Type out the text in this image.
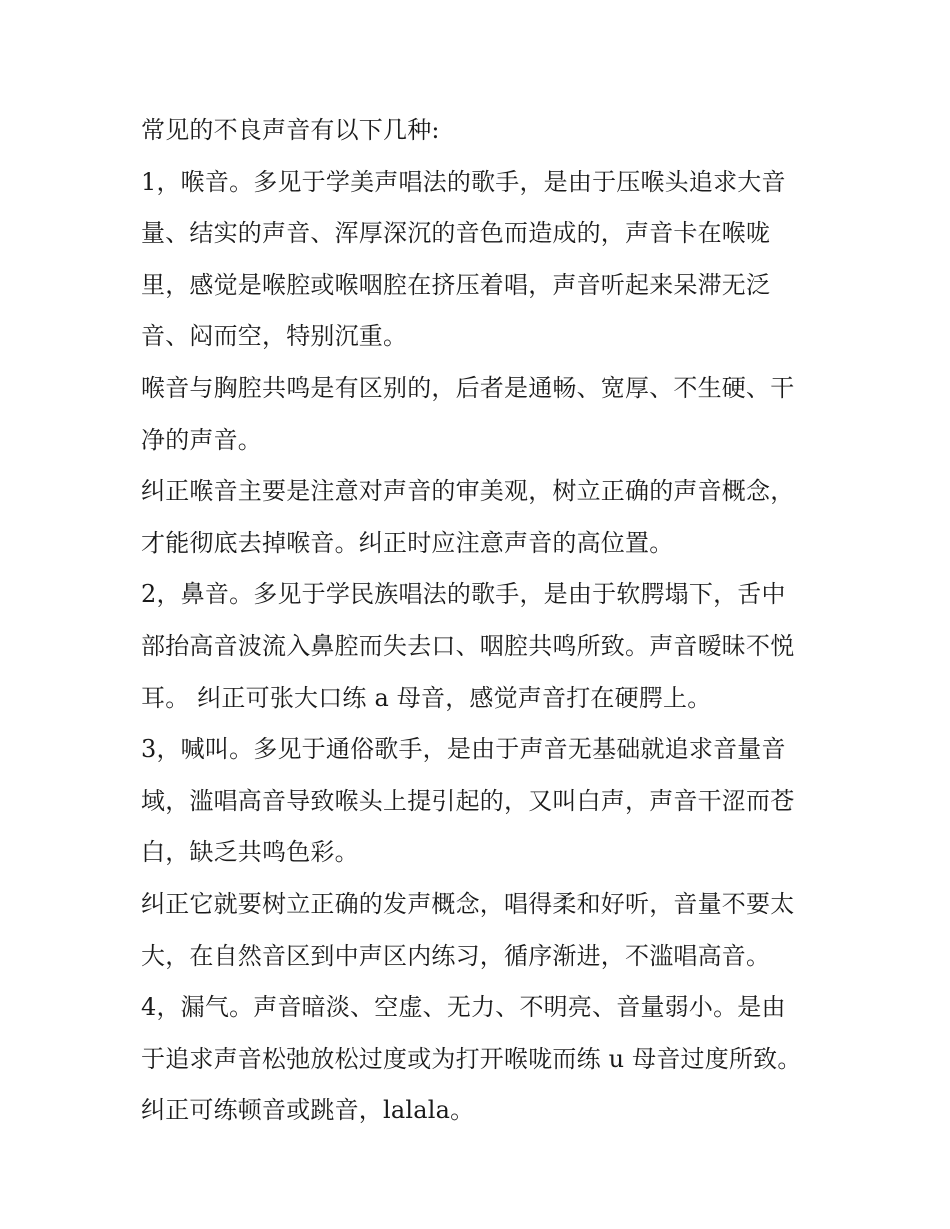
常见的不良声音有以下几种:
1，喉音。多见于学美声唱法的歌手，是由于压喉头追求大音
量、结实的声音、浑厚深沉的音色而造成的，声音卡在喉咙
里，感觉是喉腔或喉咽腔在挤压着唱，声音听起来呆滞无泛
音、闷而空，特别沉重。
喉音与胸腔共鸣是有区别的，后者是通畅、宽厚、不生硬、干
净的声音。
纠正喉音主要是注意对声音的审美观，树立正确的声音概念，
才能彻底去掉喉音。纠正时应注意声音的高位置。
2，鼻音。多见于学民族唱法的歌手，是由于软腭塌下，舌中
部抬高音波流入鼻腔而失去口、咽腔共鸣所致。声音暧昧不悦
耳。 纠正可张大口练 a 母音，感觉声音打在硬腭上。
3，喊叫。多见于通俗歌手，是由于声音无基础就追求音量音
域，滥唱高音导致喉头上提引起的，又叫白声，声音干涩而苍
白，缺乏共鸣色彩。
纠正它就要树立正确的发声概念，唱得柔和好听，音量不要太
大，在自然音区到中声区内练习，循序渐进，不滥唱高音。
4，漏气。声音暗淡、空虚、无力、不明亮、音量弱小。是由
于追求声音松弛放松过度或为打开喉咙而练 u 母音过度所致。
纠正可练顿音或跳音，lalala。
